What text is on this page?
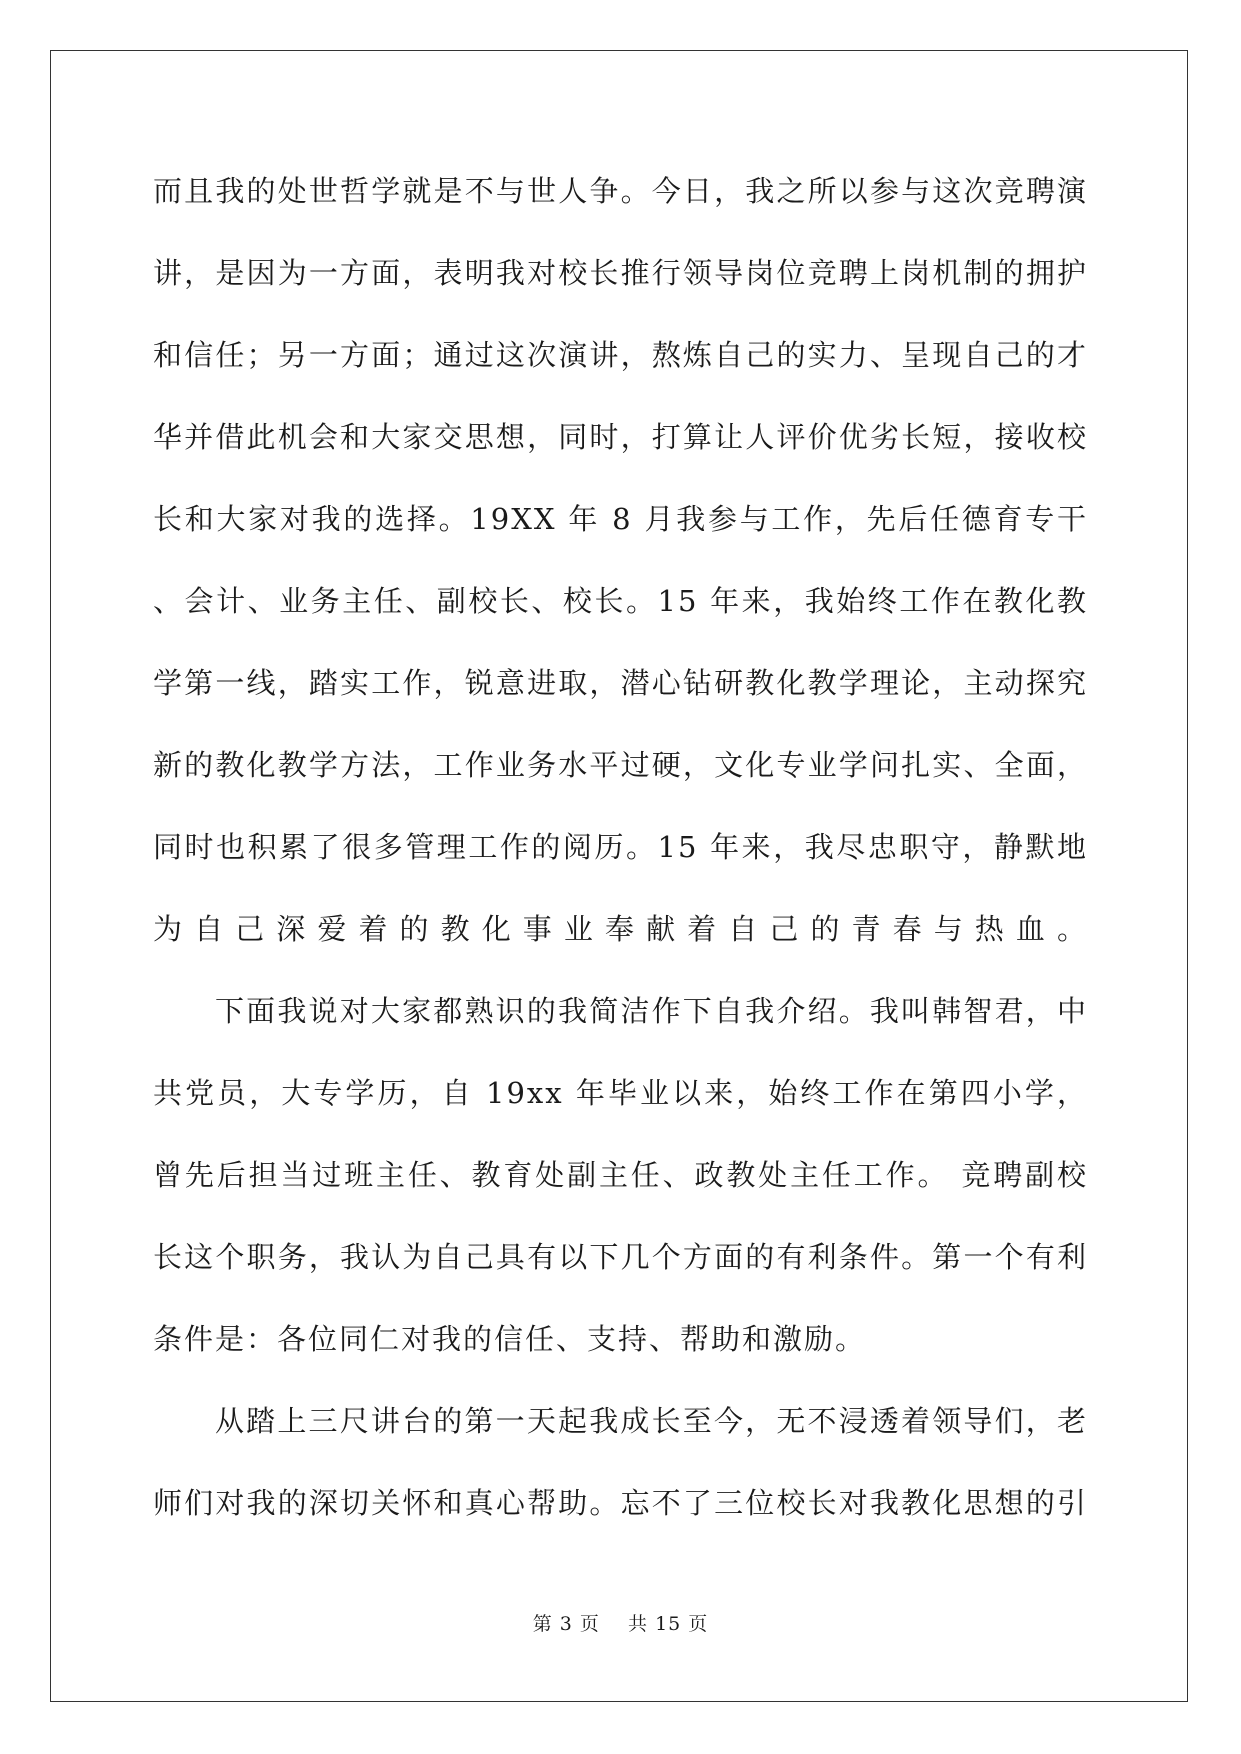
而且我的处世哲学就是不与世人争。今日，我之所以参与这次竞聘演讲，是因为一方面，表明我对校长推行领导岗位竞聘上岗机制的拥护和信任；另一方面；通过这次演讲，熬炼自己的实力、呈现自己的才华并借此机会和大家交思想，同时，打算让人评价优劣长短，接收校长和大家对我的选择。19XX 年 8 月我参与工作，先后任德育专干、会计、业务主任、副校长、校长。15 年来，我始终工作在教化教学第一线，踏实工作，锐意进取，潜心钻研教化教学理论，主动探究新的教化教学方法，工作业务水平过硬，文化专业学问扎实、全面，同时也积累了很多管理工作的阅历。15 年来，我尽忠职守，静默地为自己深爱着的教化事业奉献着自己的青春与热血。

下面我说对大家都熟识的我简洁作下自我介绍。我叫韩智君，中共党员，大专学历，自 19xx 年毕业以来，始终工作在第四小学，曾先后担当过班主任、教育处副主任、政教处主任工作。 竞聘副校长这个职务，我认为自己具有以下几个方面的有利条件。第一个有利条件是：各位同仁对我的信任、支持、帮助和激励。

从踏上三尺讲台的第一天起我成长至今，无不浸透着领导们，老师们对我的深切关怀和真心帮助。忘不了三位校长对我教化思想的引

第 3 页 共 15 页
